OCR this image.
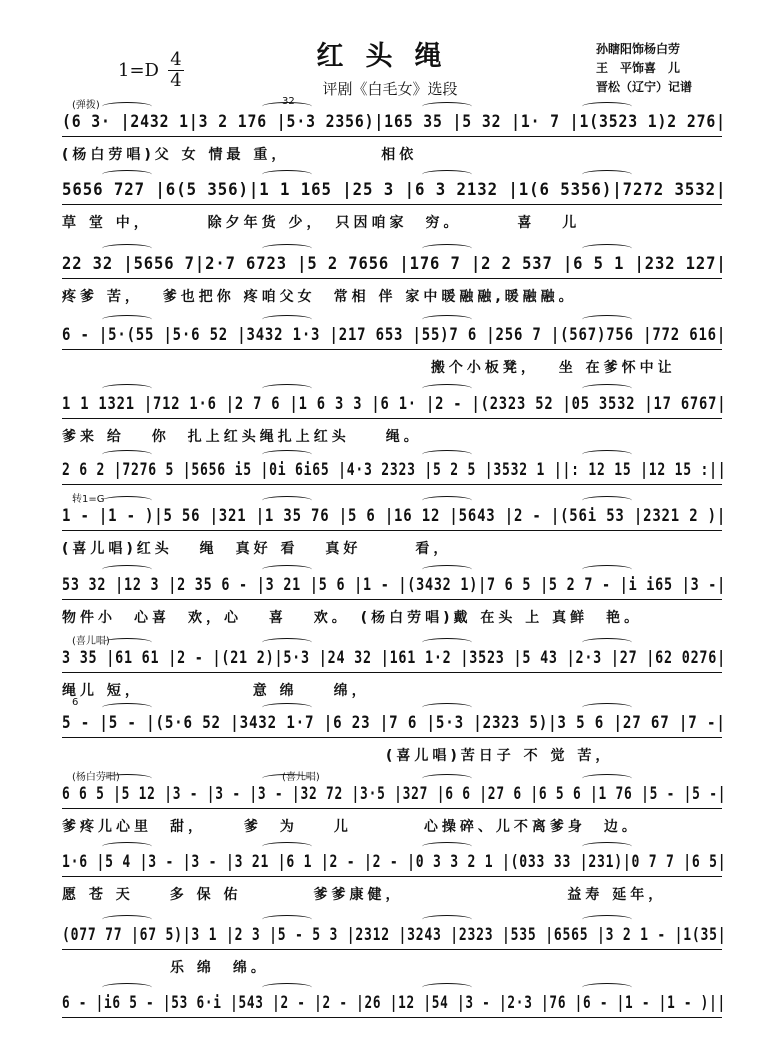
红头绳
评剧《白毛女》选段
1=D
4
4
孙瞎阳饰杨白劳
王　平饰喜　儿
晋松（辽宁）记谱
(6 3· |2432 1|3 2 176 |5·3 2356)|165 35 |5 32 |1· 7 |1(3523 1)2 276|
(杨白劳唱)父 女 情最 重，　　　　　 相依
(弹拨)	32
5656 727 |6(5 356)|1 1 165 |25 3 |6 3 2132 |1(6 5356)|7272 3532|
草 堂 中，　　　 除夕年货 少，　只因咱家　穷。　　　 喜　 儿
22 32 |5656 7|2·7 6723 |5 2 7656 |176 7 |2 2 537 |6 5 1 |232 127|
疼爹 苦，　 爹也把你 疼咱父女　常相 伴 家中暖融融,暖融融。
6 - |5·(55 |5·6 52 |3432 1·3 |217 653 |55)7 6 |256 7 |(567)756 |772 616|
　　　　　　　　　　　　　　　　　　　　 搬个小板凳，　 坐 在爹怀中让
1 1 1321 |712 1·6 |2 7 6 |1 6 3 3 |6 1· |2 - |(2323 52 |05 3532 |17 6767|
爹来 给　 你　扎上红头绳扎上红头　　绳。
2 6 2 |7276 5 |5656 i5 |0i 6i65 |4·3 2323 |5 2 5 |3532 1 ||: 12 15 |12 15 :||
1 - |1 - )|5 56 |321 |1 35 76 |5 6 |16 12 |5643 |2 - |(56i 53 |2321 2 )|
(喜儿唱)红头　 绳　真好 看　 真好　　　看，
转1=G
53 32 |12 3 |2 35 6 - |3 21 |5 6 |1 - |(3432 1)|7 6 5 |5 2 7 - |i i65 |3 -|
物件小　心喜　欢，心　 喜　 欢。　(杨白劳唱)戴 在头 上 真鲜　艳。
3 35 |61 61 |2 - |(21 2)|5·3 |24 32 |161 1·2 |3523 |5 43 |2·3 |27 |62 0276|
绳儿 短，　　　　　　 意 绵　　绵，
(喜儿唱)
5 - |5 - |(5·6 52 |3432 1·7 |6 23 |7 6 |5·3 |2323 5)|3 5 6 |27 67 |7 -|
　　　　　　　　　　　　　　　　　　(喜儿唱)苦日子 不 觉 苦，
6
6 6 5 |5 12 |3 - |3 - |3 - |32 72 |3·5 |327 |6 6 |27 6 |6 5 6 |1 76 |5 - |5 -|
爹疼儿心里　甜，　　 爹　为　　儿　　　　心操碎、儿不离爹身　边。
(杨白劳唱)	(喜儿唱)
1·6 |5 4 |3 - |3 - |3 21 |6 1 |2 - |2 - |0 3 3 2 1 |(033 33 |231)|0 7 7 |6 5|
愿 苍 天　　多 保 佑　　　　爹爹康健，　　　　　　　　　 益寿 延年，
(077 77 |67 5)|3 1 |2 3 |5 - 5 3 |2312 |3243 |2323 |535 |6565 |3 2 1 - |1(35|
　　　　　　乐 绵　绵。
6 - |i6 5 - |53 6·i |543 |2 - |2 - |26 |12 |54 |3 - |2·3 |76 |6 - |1 - |1 - )||
